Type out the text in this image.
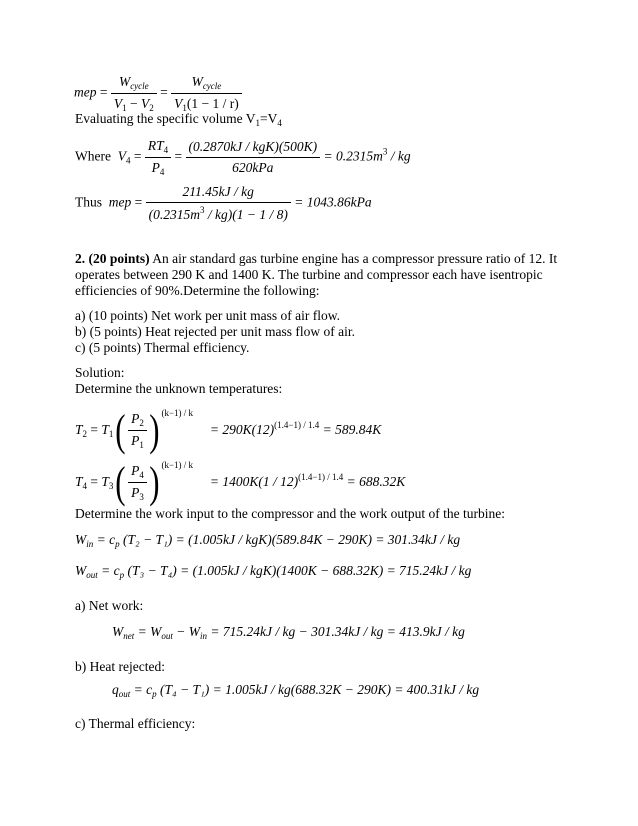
mep = $\frac{W_{cycle}}{V_1 - V_2} = \frac{W_{cycle}}{V_1(1 - 1 / r)}$
Evaluating the specific volume $V_1=V_4$
Where $V_4 = \frac{RT_4}{P_4} = \frac{\text{(0.2870kJ / kgK)(500K)}}{\text{620kPa}} = 0.2315m^3$ / kg
Thus mep = $\frac{211.45kJ / kg}{(0.2315m^3 / kg)(1 - 1 / 8)} = 1043.86kPa$
2. (20 points) An air standard gas turbine engine has a compressor pressure ratio of 12. It
operates between 290 K and 1400 K. The turbine and compressor each have isentropic
efficiencies of 90%.Determine the following:
a) (10 points) Net work per unit mass of air flow.
b) (5 points) Heat rejected per unit mass flow of air.
c) (5 points) Thermal efficiency.
Solution:
Determine the unknown temperatures:
$T_2 = T_1( \frac{P_2}{P_1}$ ) $^{(k-1) / k}$     = $290K(12)^{(1.4-1) / 1.4} = 589.84K$
$T_4 = T_3( \frac{P_4}{P_3}$ ) $^{(k-1) / k}$     = 1400K(1 / 12)$^{(1.4-1) / 1.4}$ = 688.32K
Determine the work input to the compressor and the work output of the turbine:
$W_{in} = c_p$ (T₂ − T₁) = (1.005kJ / kgK)(589.84K − 290K) = 301.34kJ / kg
$W_{out} = c_p$ (T₃ − T₄) = (1.005kJ / kgK)(1400K − 688.32K) = 715.24kJ / kg
a) Net work:
$W_{net} = W_{out} - W_{in} = 715.24kJ$ / kg − 301.34kJ / kg = 413.9kJ / kg
b) Heat rejected:
$q_{out} = c_p$ (T₄ − T₁) = 1.005kJ / kg(688.32K − 290K) = 400.31kJ / kg
c) Thermal efficiency:
